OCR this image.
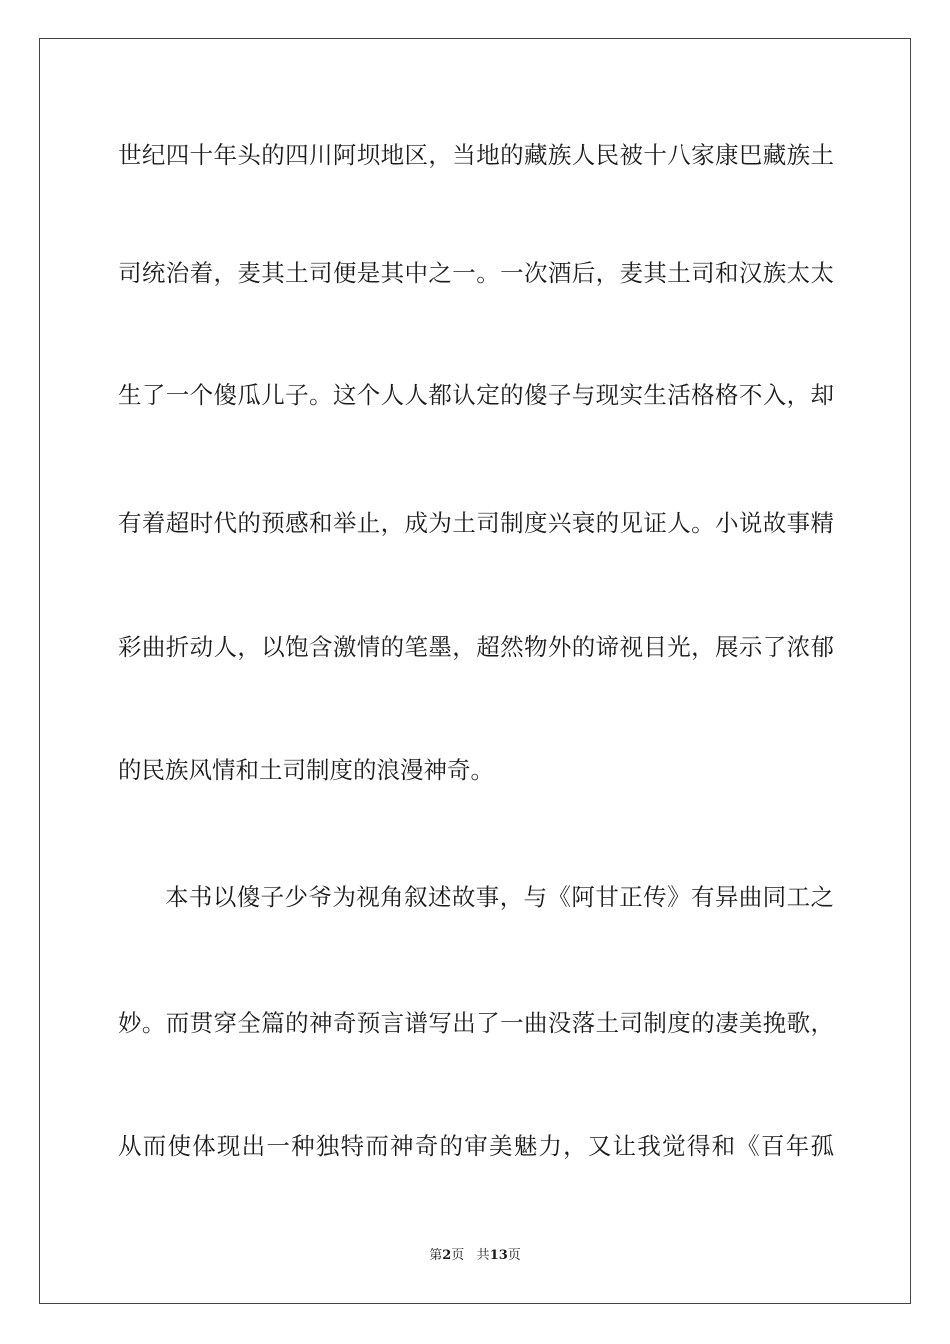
世纪四十年头的四川阿坝地区，当地的藏族人民被十八家康巴藏族土
司统治着，麦其土司便是其中之一。一次酒后，麦其土司和汉族太太
生了一个傻瓜儿子。这个人人都认定的傻子与现实生活格格不入，却
有着超时代的预感和举止，成为土司制度兴衰的见证人。小说故事精
彩曲折动人，以饱含激情的笔墨，超然物外的谛视目光，展示了浓郁
的民族风情和土司制度的浪漫神奇。
本书以傻子少爷为视角叙述故事，与《阿甘正传》有异曲同工之
妙。而贯穿全篇的神奇预言谱写出了一曲没落土司制度的凄美挽歌，
从而使体现出一种独特而神奇的审美魅力，又让我觉得和《百年孤
第2页 共13页
